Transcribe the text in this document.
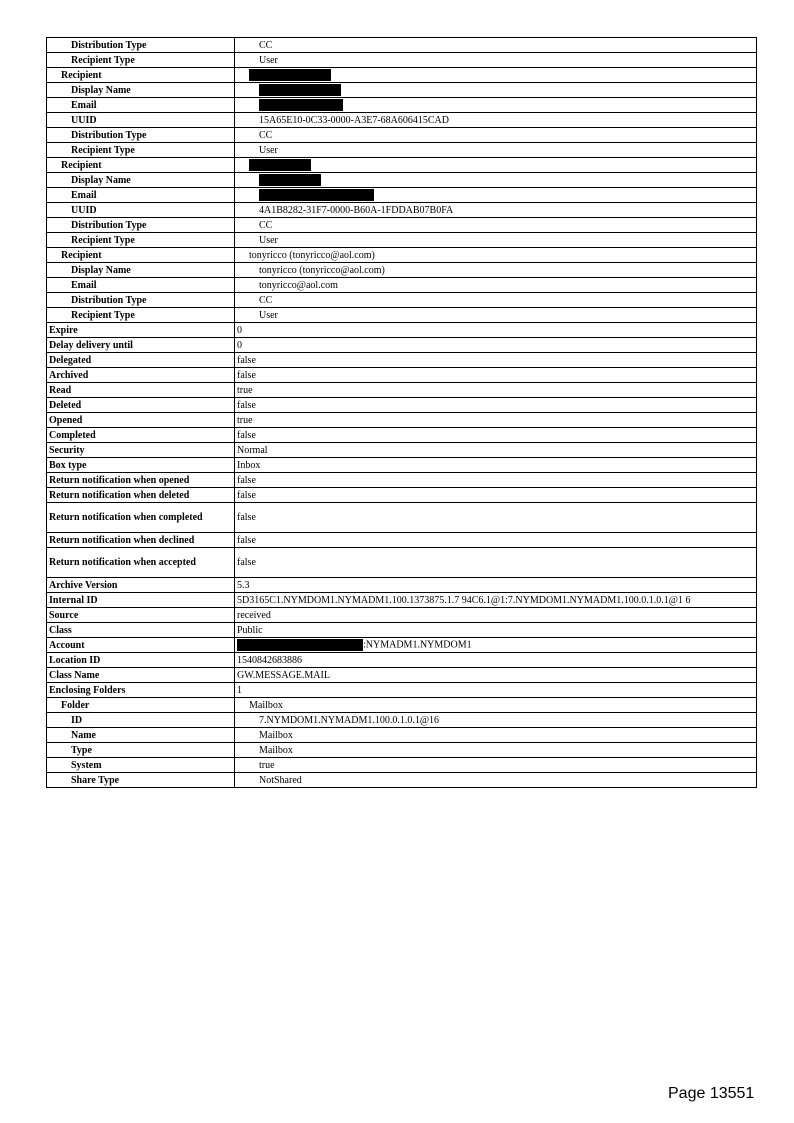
Distribution Type	CC
Recipient Type	User
Recipient	
Display Name	
Email	
UUID	15A65E10-0C33-0000-A3E7-68A606415CAD
Distribution Type	CC
Recipient Type	User
Recipient	
Display Name	
Email	
UUID	4A1B8282-31F7-0000-B60A-1FDDAB07B0FA
Distribution Type	CC
Recipient Type	User
Recipient	tonyricco (tonyricco@aol.com)
Display Name	tonyricco (tonyricco@aol.com)
Email	tonyricco@aol.com
Distribution Type	CC
Recipient Type	User
Expire	0
Delay delivery until	0
Delegated	false
Archived	false
Read	true
Deleted	false
Opened	true
Completed	false
Security	Normal
Box type	Inbox
Return notification when opened	false
Return notification when deleted	false
Return notification when completed	false
Return notification when declined	false
Return notification when accepted	false
Archive Version	5.3
Internal ID	5D3165C1.NYMDOM1.NYMADM1.100.1373875.1.7 94C6.1@1:7.NYMDOM1.NYMADM1.100.0.1.0.1@1 6
Source	received
Class	Public
Account	:NYMADM1.NYMDOM1
Location ID	1540842683886
Class Name	GW.MESSAGE.MAIL
Enclosing Folders	1
Folder	Mailbox
ID	7.NYMDOM1.NYMADM1.100.0.1.0.1@16
Name	Mailbox
Type	Mailbox
System	true
Share Type	NotShared
Page 13551
